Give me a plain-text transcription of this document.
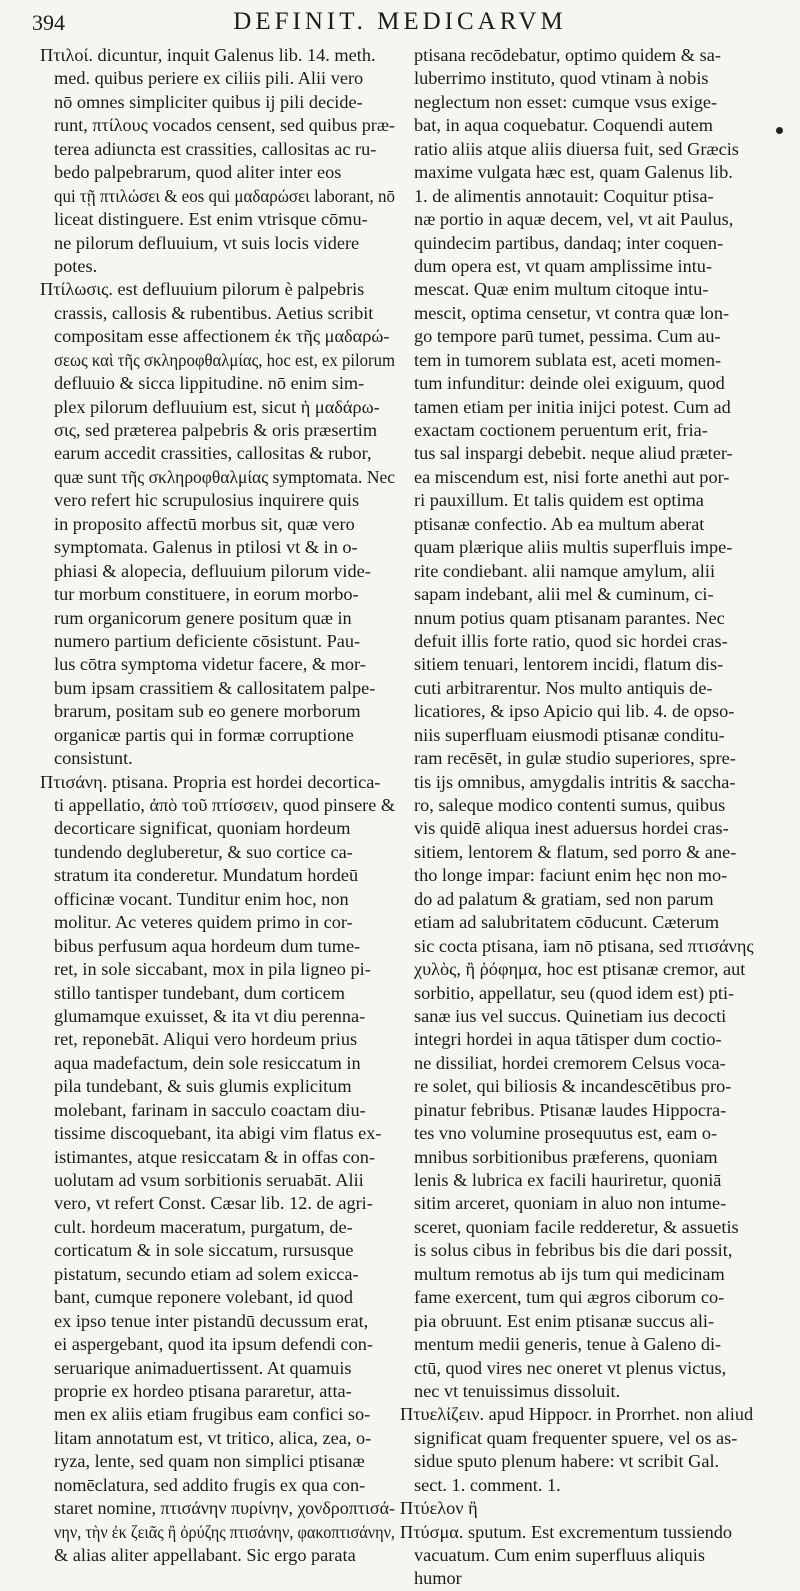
394	DEFINIT. MEDICARVM
Πτιλοί. dicuntur, inquit Galenus lib. 14. meth.
med. quibus periere ex ciliis pili. Alii vero
nō omnes simpliciter quibus ij pili decide-
runt, πτίλους vocados censent, sed quibus præ-
terea adiuncta est crassities, callositas ac ru-
bedo palpebrarum, quod aliter inter eos
qui τῇ πτιλώσει & eos qui μαδαρώσει laborant, nō
liceat distinguere. Est enim vtrisque cōmu-
ne pilorum defluuium, vt suis locis videre
potes.
Πτίλωσις. est defluuium pilorum è palpebris
crassis, callosis & rubentibus. Aetius scribit
compositam esse affectionem ἐκ τῆς μαδαρώ-
σεως καὶ τῆς σκληροφθαλμίας, hoc est, ex pilorum
defluuio & sicca lippitudine. nō enim sim-
plex pilorum defluuium est, sicut ἡ μαδάρω-
σις, sed præterea palpebris & oris præsertim
earum accedit crassities, callositas & rubor,
quæ sunt τῆς σκληροφθαλμίας symptomata. Nec
vero refert hic scrupulosius inquirere quis
in proposito affectū morbus sit, quæ vero
symptomata. Galenus in ptilosi vt & in o-
phiasi & alopecia, defluuium pilorum vide-
tur morbum constituere, in eorum morbo-
rum organicorum genere positum quæ in
numero partium deficiente cōsistunt. Pau-
lus cōtra symptoma videtur facere, & mor-
bum ipsam crassitiem & callositatem palpe-
brarum, positam sub eo genere morborum
organicæ partis qui in formæ corruptione
consistunt.
Πτισάνη. ptisana. Propria est hordei decortica-
ti appellatio, ἀπὸ τοῦ πτίσσειν, quod pinsere &
decorticare significat, quoniam hordeum
tundendo degluberetur, & suo cortice ca-
stratum ita conderetur. Mundatum hordeū
officinæ vocant. Tunditur enim hoc, non
molitur. Ac veteres quidem primo in cor-
bibus perfusum aqua hordeum dum tume-
ret, in sole siccabant, mox in pila ligneo pi-
stillo tantisper tundebant, dum corticem
glumamque exuisset, & ita vt diu perenna-
ret, reponebāt. Aliqui vero hordeum prius
aqua madefactum, dein sole resiccatum in
pila tundebant, & suis glumis explicitum
molebant, farinam in sacculo coactam diu-
tissime discoquebant, ita abigi vim flatus ex-
istimantes, atque resiccatam & in offas con-
uolutam ad vsum sorbitionis seruabāt. Alii
vero, vt refert Const. Cæsar lib. 12. de agri-
cult. hordeum maceratum, purgatum, de-
corticatum & in sole siccatum, rursusque
pistatum, secundo etiam ad solem exicca-
bant, cumque reponere volebant, id quod
ex ipso tenue inter pistandū decussum erat,
ei aspergebant, quod ita ipsum defendi con-
seruarique animaduertissent. At quamuis
proprie ex hordeo ptisana pararetur, atta-
men ex aliis etiam frugibus eam confici so-
litam annotatum est, vt tritico, alica, zea, o-
ryza, lente, sed quam non simplici ptisanæ
nomēclatura, sed addito frugis ex qua con-
staret nomine, πτισάνην πυρίνην, χονδροπτισά-
νην, τὴν ἐκ ζειᾶς ἢ ὀρύζης πτισάνην, φακοπτισάνην,
& alias aliter appellabant. Sic ergo parata
ptisana recōdebatur, optimo quidem & sa-
luberrimo instituto, quod vtinam à nobis
neglectum non esset: cumque vsus exige-
bat, in aqua coquebatur. Coquendi autem
ratio aliis atque aliis diuersa fuit, sed Græcis
maxime vulgata hæc est, quam Galenus lib.
1. de alimentis annotauit: Coquitur ptisa-
næ portio in aquæ decem, vel, vt ait Paulus,
quindecim partibus, dandaq; inter coquen-
dum opera est, vt quam amplissime intu-
mescat. Quæ enim multum citoque intu-
mescit, optima censetur, vt contra quæ lon-
go tempore parū tumet, pessima. Cum au-
tem in tumorem sublata est, aceti momen-
tum infunditur: deinde olei exiguum, quod
tamen etiam per initia inijci potest. Cum ad
exactam coctionem peruentum erit, fria-
tus sal inspargi debebit. neque aliud præter-
ea miscendum est, nisi forte anethi aut por-
ri pauxillum. Et talis quidem est optima
ptisanæ confectio. Ab ea multum aberat
quam plærique aliis multis superfluis impe-
rite condiebant. alii namque amylum, alii
sapam indebant, alii mel & cuminum, ci-
nnum potius quam ptisanam parantes. Nec
defuit illis forte ratio, quod sic hordei cras-
sitiem tenuari, lentorem incidi, flatum dis-
cuti arbitrarentur. Nos multo antiquis de-
licatiores, & ipso Apicio qui lib. 4. de opso-
niis superfluam eiusmodi ptisanæ conditu-
ram recēsēt, in gulæ studio superiores, spre-
tis ijs omnibus, amygdalis intritis & saccha-
ro, saleque modico contenti sumus, quibus
vis quidē aliqua inest aduersus hordei cras-
sitiem, lentorem & flatum, sed porro & ane-
tho longe impar: faciunt enim hęc non mo-
do ad palatum & gratiam, sed non parum
etiam ad salubritatem cōducunt. Cæterum
sic cocta ptisana, iam nō ptisana, sed πτισάνης
χυλὸς, ἢ ῥόφημα, hoc est ptisanæ cremor, aut
sorbitio, appellatur, seu (quod idem est) pti-
sanæ ius vel succus. Quinetiam ius decocti
integri hordei in aqua tātisper dum coctio-
ne dissiliat, hordei cremorem Celsus voca-
re solet, qui biliosis & incandescētibus pro-
pinatur febribus. Ptisanæ laudes Hippocra-
tes vno volumine prosequutus est, eam o-
mnibus sorbitionibus præferens, quoniam
lenis & lubrica ex facili hauriretur, quoniā
sitim arceret, quoniam in aluo non intume-
sceret, quoniam facile redderetur, & assuetis
is solus cibus in febribus bis die dari possit,
multum remotus ab ijs tum qui medicinam
fame exercent, tum qui ægros ciborum co-
pia obruunt. Est enim ptisanæ succus ali-
mentum medii generis, tenue à Galeno di-
ctū, quod vires nec oneret vt plenus victus,
nec vt tenuissimus dissoluit.
Πτυελίζειν. apud Hippocr. in Prorrhet. non aliud
significat quam frequenter spuere, vel os as-
sidue sputo plenum habere: vt scribit Gal.
sect. 1. comment. 1.
Πτύελον ἢ
Πτύσμα. sputum. Est excrementum tussiendo
vacuatum. Cum enim superfluus aliquis
humor
